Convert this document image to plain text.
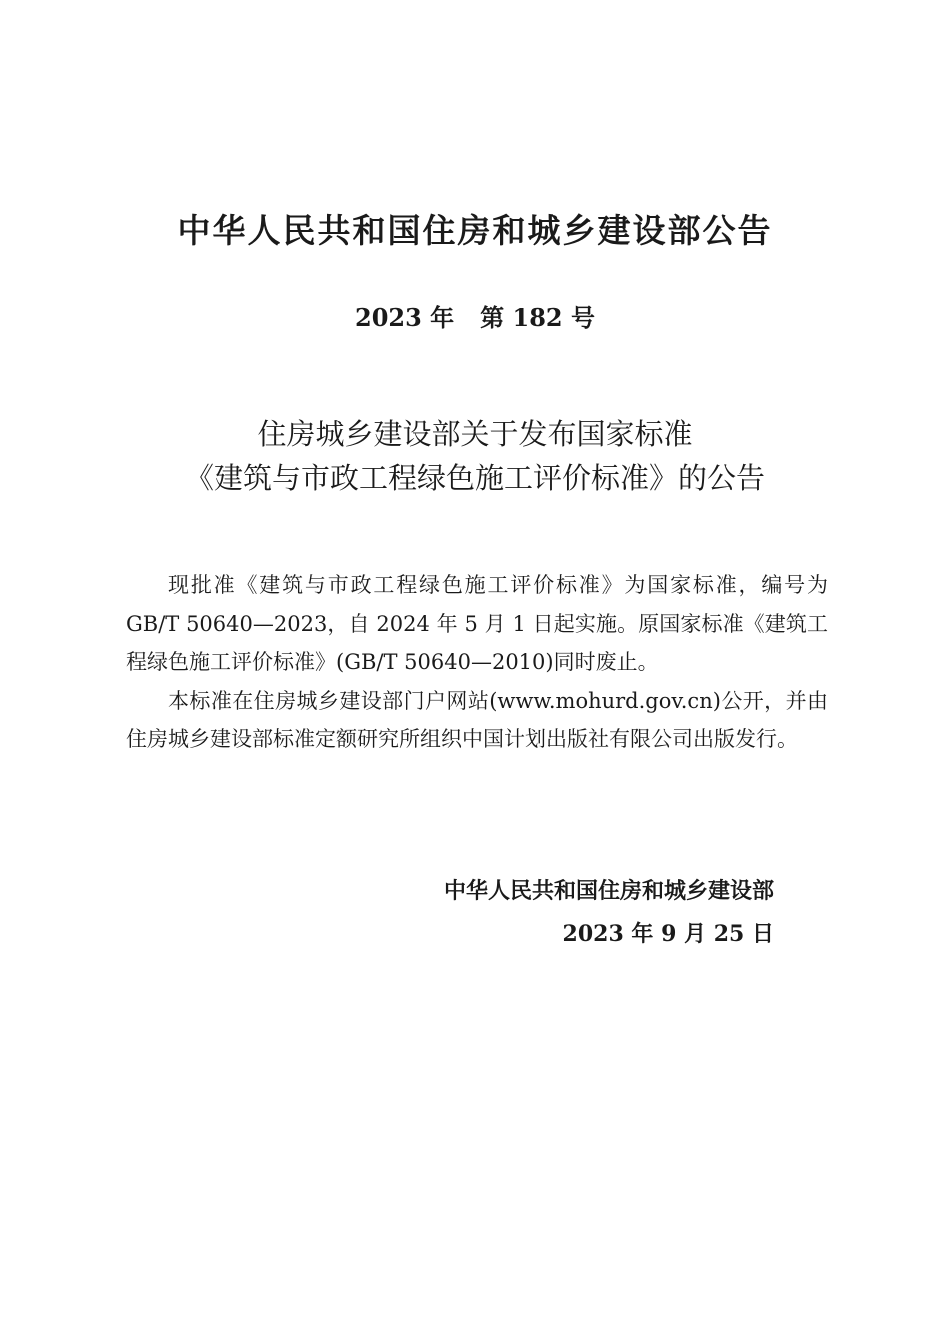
中华人民共和国住房和城乡建设部公告
2023 年 第 182 号
住房城乡建设部关于发布国家标准
《建筑与市政工程绿色施工评价标准》的公告

现批准《建筑与市政工程绿色施工评价标准》为国家标准，编号为 GB/T 50640—2023，自 2024 年 5 月 1 日起实施。原国家标准《建筑工程绿色施工评价标准》(GB/T 50640—2010)同时废止。

本标准在住房城乡建设部门户网站(www.mohurd.gov.cn)公开，并由住房城乡建设部标准定额研究所组织中国计划出版社有限公司出版发行。

中华人民共和国住房和城乡建设部
2023 年 9 月 25 日
